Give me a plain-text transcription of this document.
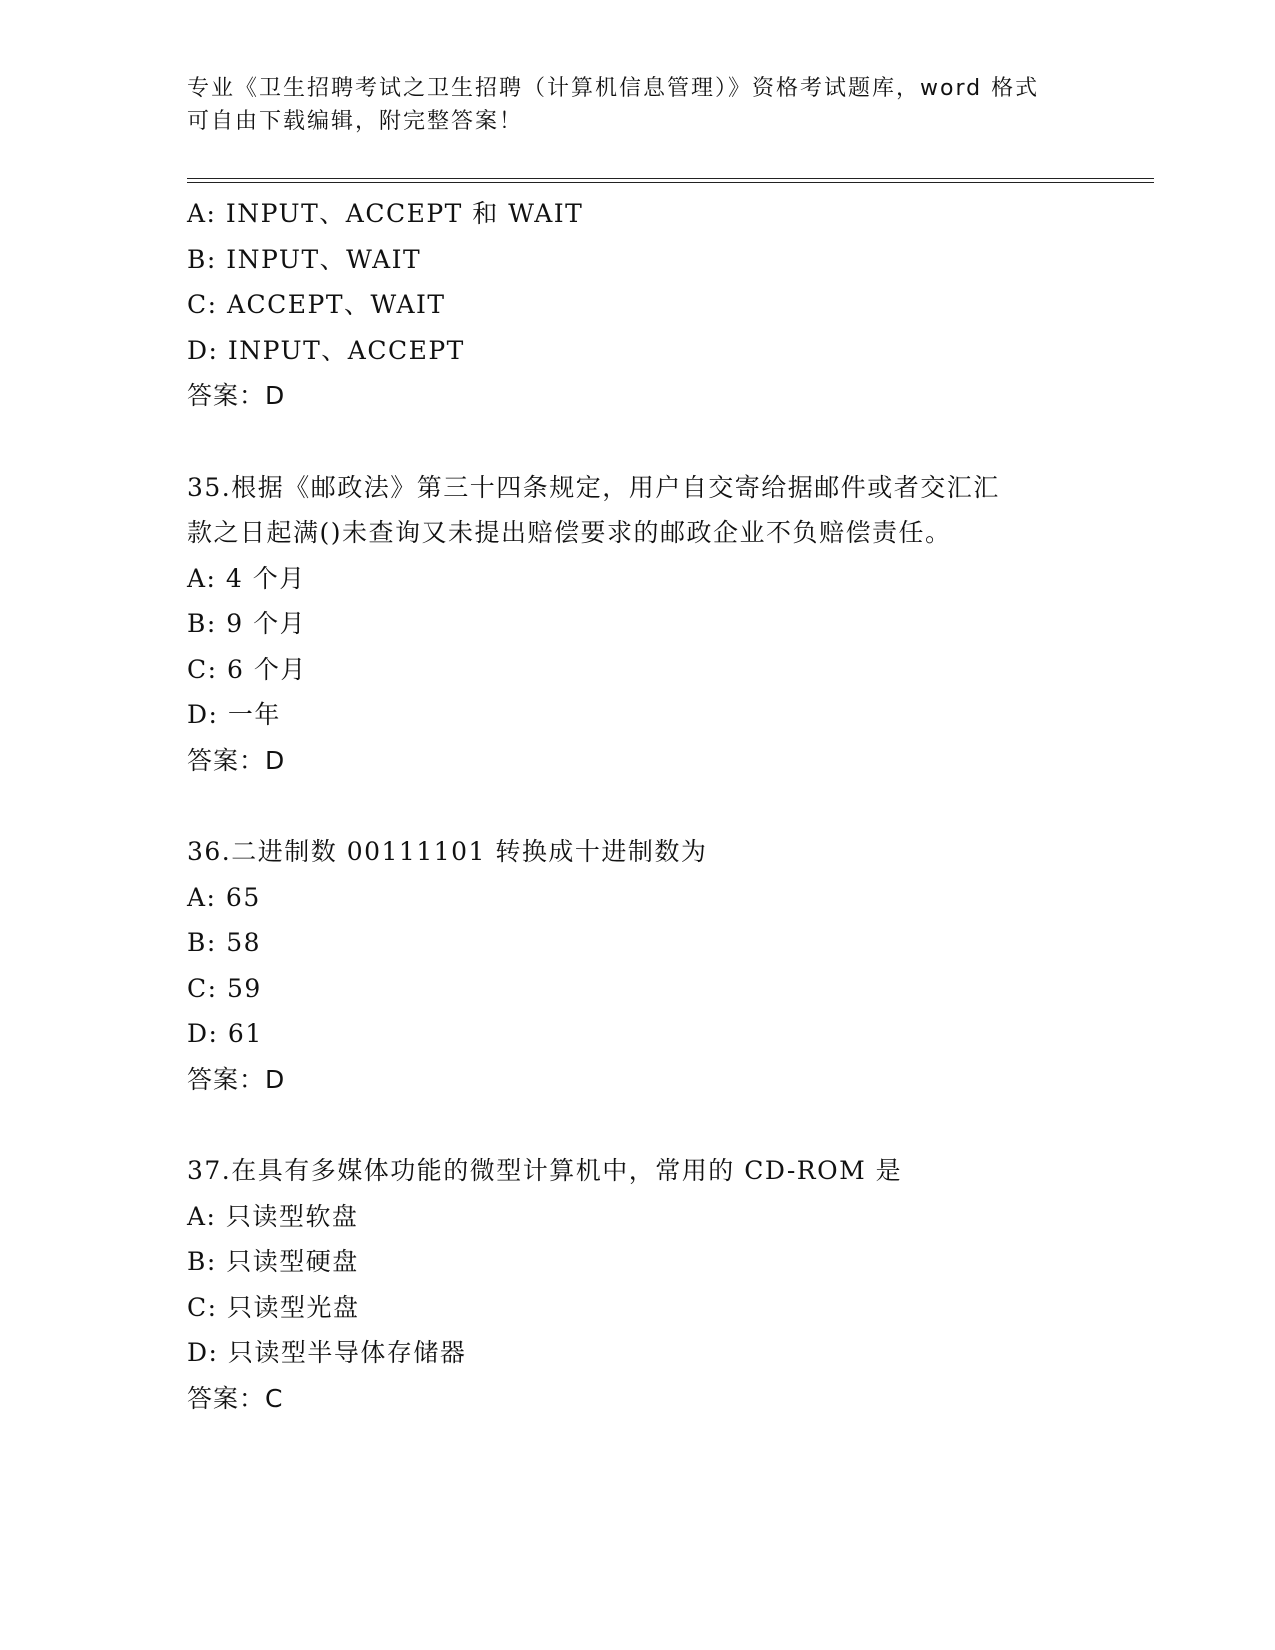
专业《卫生招聘考试之卫生招聘（计算机信息管理）》资格考试题库，word 格式
可自由下载编辑，附完整答案！
A: INPUT、ACCEPT 和 WAIT
B: INPUT、WAIT
C: ACCEPT、WAIT
D: INPUT、ACCEPT
答案：D
35.根据《邮政法》第三十四条规定，用户自交寄给据邮件或者交汇汇
款之日起满()未查询又未提出赔偿要求的邮政企业不负赔偿责任。
A: 4 个月
B: 9 个月
C: 6 个月
D: 一年
答案：D
36.二进制数 00111101 转换成十进制数为
A: 65
B: 58
C: 59
D: 61
答案：D
37.在具有多媒体功能的微型计算机中，常用的 CD-ROM 是
A: 只读型软盘
B: 只读型硬盘
C: 只读型光盘
D: 只读型半导体存储器
答案：C
